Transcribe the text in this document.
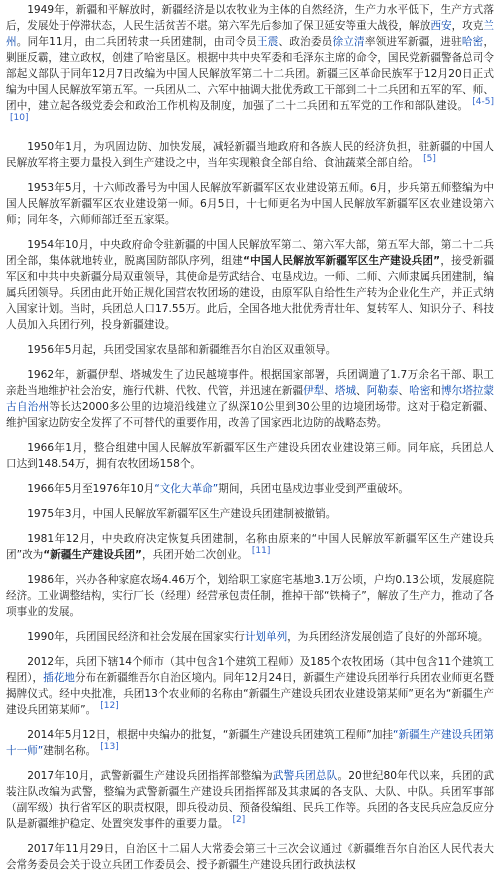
1949年，新疆和平解放时，新疆经济是以农牧业为主体的自然经济，生产力水平低下，生产方式落后，发展处于停滞状态，人民生活贫苦不堪。第六军先后参加了保卫延安等重大战役，解放西安，攻克兰州。同年11月，由二兵团转隶一兵团建制，由司令员王震、政治委员徐立清率领进军新疆，进驻哈密，剿匪反霸，建立政权，创建了哈密垦区。根据中共中央军委和毛泽东主席的命令，国民党新疆警备总司令部起义部队于同年12月7日改编为中国人民解放军第二十二兵团。新疆三区革命民族军于12月20日正式编为中国人民解放军第五军。一兵团从二、六军中抽调大批优秀政工干部到二十二兵团和五军的军、师、团中，建立起各级党委会和政治工作机构及制度，加强了二十二兵团和五军党的工作和部队建设。 [4-5][10]

1950年1月，为巩固边防、加快发展，减轻新疆当地政府和各族人民的经济负担，驻新疆的中国人民解放军将主要力量投入到生产建设之中，当年实现粮食全部自给、食油蔬菜全部自给。 [5]

1953年5月，十六师改番号为中国人民解放军新疆军区农业建设第五师。6月，步兵第五师整编为中国人民解放军新疆军区农业建设第一师。6月5日，十七师更名为中国人民解放军新疆军区农业建设第六师；同年冬，六师师部迁至五家渠。

1954年10月，中央政府命令驻新疆的中国人民解放军第二、第六军大部，第五军大部，第二十二兵团全部，集体就地转业，脱离国防部队序列，组建“中国人民解放军新疆军区生产建设兵团”，接受新疆军区和中共中央新疆分局双重领导，其使命是劳武结合、屯垦戍边。一师、二师、六师隶属兵团建制，编属兵团领导。兵团由此开始正规化国营农牧团场的建设，由原军队自给性生产转为企业化生产，并正式纳入国家计划。当时，兵团总人口17.55万。此后，全国各地大批优秀青壮年、复转军人、知识分子、科技人员加入兵团行列，投身新疆建设。

1956年5月起，兵团受国家农垦部和新疆维吾尔自治区双重领导。

1962年，新疆伊犁、塔城发生了边民越境事件。根据国家部署，兵团调遣了1.7万余名干部、职工亲赴当地维护社会治安，施行代耕、代牧、代管，并迅速在新疆伊犁、塔城、阿勒泰、哈密和博尔塔拉蒙古自治州等长达2000多公里的边境沿线建立了纵深10公里到30公里的边境团场带。这对于稳定新疆、维护国家边防安全发挥了不可替代的重要作用，改善了国家西北边防的战略态势。

1966年1月，整合组建中国人民解放军新疆军区生产建设兵团农业建设第三师。同年底，兵团总人口达到148.54万，拥有农牧团场158个。

1966年5月至1976年10月“文化大革命”期间，兵团屯垦戍边事业受到严重破坏。

1975年3月，中国人民解放军新疆军区生产建设兵团建制被撤销。

1981年12月，中央政府决定恢复兵团建制，名称由原来的“中国人民解放军新疆军区生产建设兵团”改为“新疆生产建设兵团”，兵团开始二次创业。 [11]

1986年，兴办各种家庭农场4.46万个，划给职工家庭宅基地3.1万公顷，户均0.13公顷，发展庭院经济。工业调整结构，实行厂长（经理）经营承包责任制，推掉干部“铁椅子”，解放了生产力，推动了各项事业的发展。

1990年，兵团国民经济和社会发展在国家实行计划单列，为兵团经济发展创造了良好的外部环境。

2012年，兵团下辖14个师市（其中包含1个建筑工程师）及185个农牧团场（其中包含11个建筑工程团），插花地分布在新疆维吾尔自治区境内。同年12月24日，新疆生产建设兵团举行兵团农业师更名暨揭牌仪式。经中央批准，兵团13个农业师的名称由“新疆生产建设兵团农业建设第某师”更名为“新疆生产建设兵团第某师”。 [12]

2014年5月12日，根据中央编办的批复，“新疆生产建设兵团建筑工程师”加挂“新疆生产建设兵团第十一师”建制名称。 [13]

2017年10月，武警新疆生产建设兵团指挥部整编为武警兵团总队。20世纪80年代以来，兵团的武装注队改编为武警，整编为武警新疆生产建设兵团指挥部及其隶属的各支队、大队、中队。兵团军事部（副军级）执行省军区的职责权限，即兵役动员、预备役编组、民兵工作等。兵团的各支民兵应急反应分队是新疆维护稳定、处置突发事件的重要力量。 [2]

2017年11月29日，自治区十二届人大常委会第三十三次会议通过《新疆维吾尔自治区人民代表大会常务委员会关于设立兵团工作委员会、授予新疆生产建设兵团行政执法权
